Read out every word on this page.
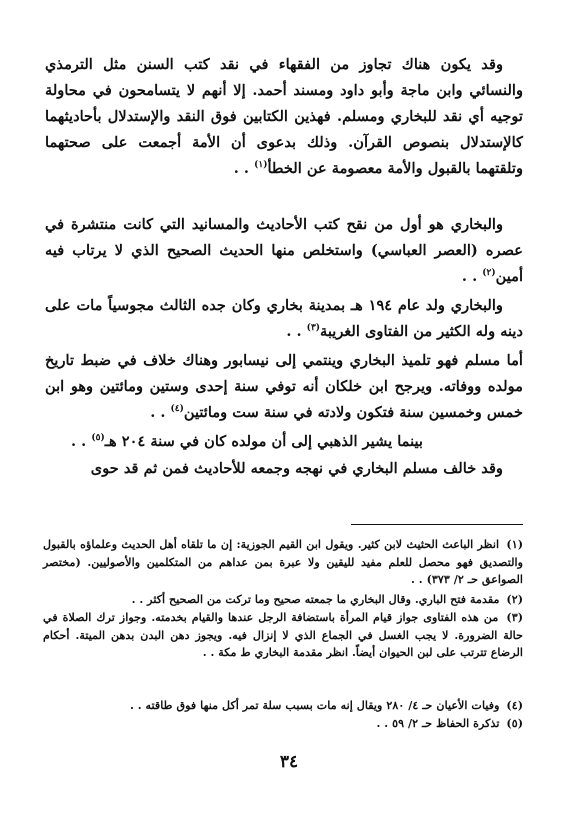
وقد يكون هناك تجاوز من الفقهاء في نقد كتب السنن مثل الترمذي والنسائي وابن ماجة وأبو داود ومسند أحمد. إلا أنهم لا يتسامحون في محاولة توجيه أي نقد للبخاري ومسلم. فهذين الكتابين فوق النقد والإستدلال بأحاديثهما كالإستدلال بنصوص القرآن. وذلك بدعوى أن الأمة أجمعت على صحتهما وتلقتهما بالقبول والأمة معصومة عن الخطأ$^{(١)}$ . .

والبخاري هو أول من نقح كتب الأحاديث والمسانيد التي كانت منتشرة في عصره (العصر العباسي) واستخلص منها الحديث الصحيح الذي لا يرتاب فيه أمين$^{(٢)}$ . .

والبخاري ولد عام ١٩٤ هـ بمدينة بخاري وكان جده الثالث مجوسياً مات على دينه وله الكثير من الفتاوى الغريبة$^{(٣)}$ . .

أما مسلم فهو تلميذ البخاري وينتمي إلى نيسابور وهناك خلاف في ضبط تاريخ مولده ووفاته. ويرجح ابن خلكان أنه توفي سنة إحدى وستين ومائتين وهو ابن خمس وخمسين سنة فتكون ولادته في سنة ست ومائتين$^{(٤)}$ . .

بينما يشير الذهبي إلى أن مولده كان في سنة ٢٠٤ هـ$^{(٥)}$ . .

وقد خالف مسلم البخاري في نهجه وجمعه للأحاديث فمن ثم قد حوى

(١) انظر الباعث الحثيث لابن كثير. ويقول ابن القيم الجوزية: إن ما تلقاه أهل الحديث وعلماؤه بالقبول والتصديق فهو محصل للعلم مفيد لليقين ولا عبرة بمن عداهم من المتكلمين والأصوليين. (مختصر الصواعق حـ ٢/ ٣٧٣) . .

(٢) مقدمة فتح الباري. وقال البخاري ما جمعته صحيح وما تركت من الصحيح أكثر . .

(٣) من هذه الفتاوى جواز قيام المرأة باستضافة الرجل عندها والقيام بخدمته. وجواز ترك الصلاة في حالة الضرورة. لا يجب الغسل في الجماع الذي لا إنزال فيه. ويجوز دهن البدن بدهن الميتة. أحكام الرضاع تترتب على لبن الحيوان أيضاً. انظر مقدمة البخاري ط مكة . .

(٤) وفيات الأعيان حـ ٤/ ٢٨٠ ويقال إنه مات بسبب سلة تمر أكل منها فوق طاقته . .

(٥) تذكرة الحفاظ حـ ٢/ ٥٩ . .

٣٤
